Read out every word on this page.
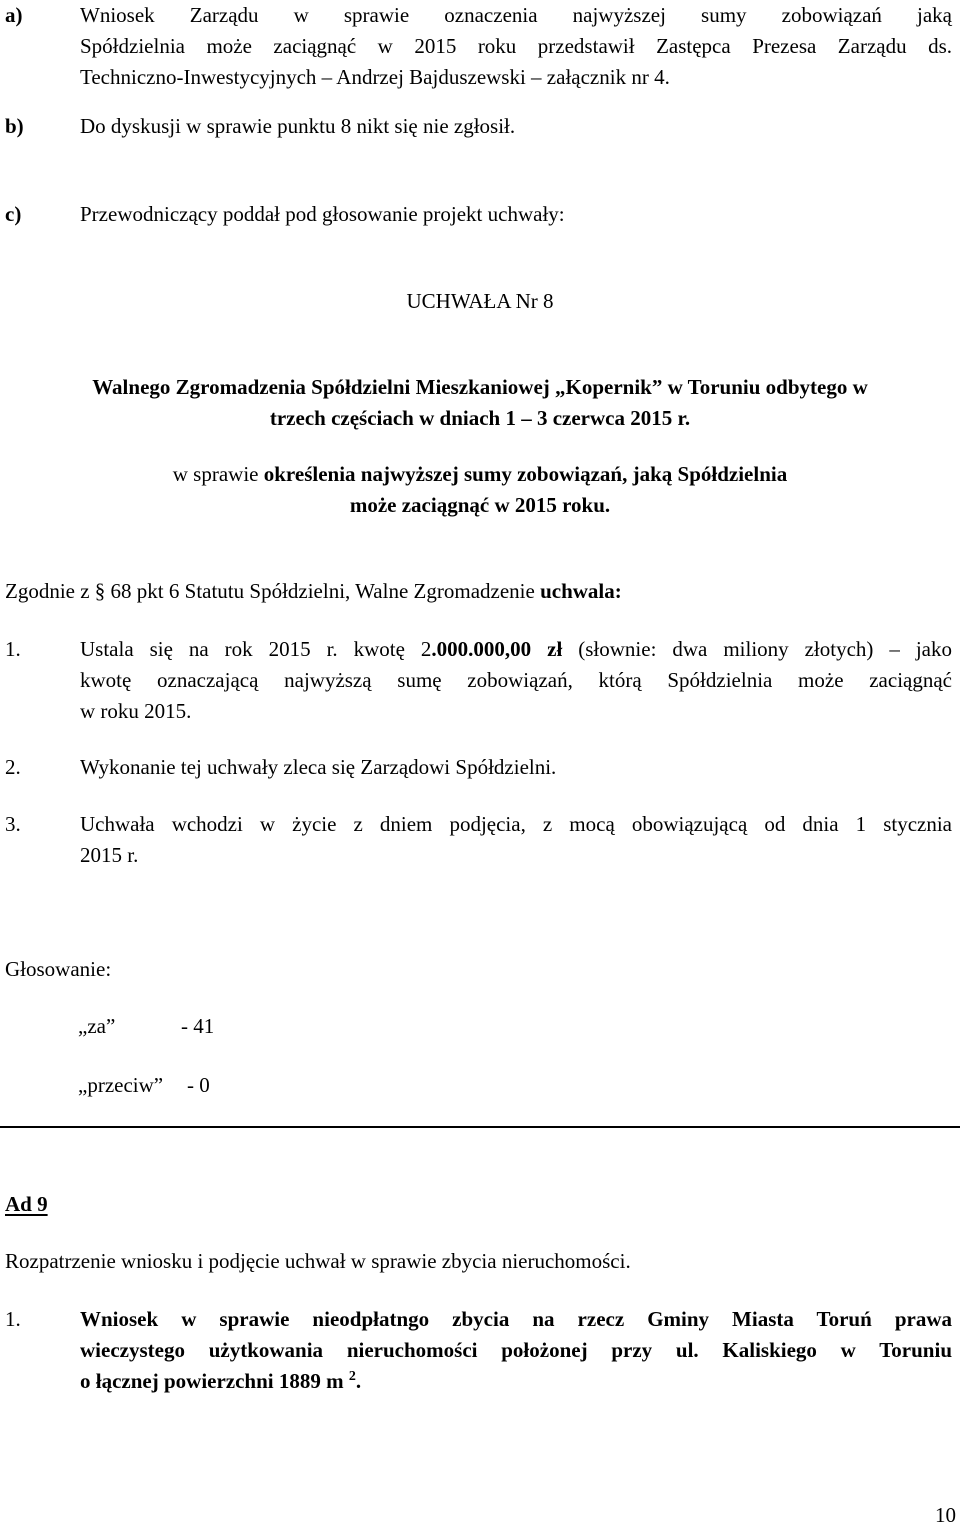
a)	Wniosek Zarządu w sprawie oznaczenia najwyższej sumy zobowiązań jaką
Spółdzielnia może zaciągnąć w 2015 roku przedstawił Zastępca Prezesa Zarządu ds.
Techniczno-Inwestycyjnych – Andrzej Bajduszewski – załącznik nr 4.
b)	Do dyskusji w sprawie punktu 8 nikt się nie zgłosił.
c)	Przewodniczący poddał pod głosowanie projekt uchwały:
UCHWAŁA Nr 8
Walnego Zgromadzenia Spółdzielni Mieszkaniowej „Kopernik” w Toruniu odbytego w
trzech częściach w dniach 1 – 3 czerwca 2015 r.
w sprawie określenia najwyższej sumy zobowiązań, jaką Spółdzielnia
może zaciągnąć w 2015 roku.
Zgodnie z § 68 pkt 6 Statutu Spółdzielni, Walne Zgromadzenie uchwala:
1.	Ustala się na rok 2015 r. kwotę 2.000.000,00 zł (słownie: dwa miliony złotych) – jako
kwotę oznaczającą najwyższą sumę zobowiązań, którą Spółdzielnia może zaciągnąć
w roku 2015.
2.	Wykonanie tej uchwały zleca się Zarządowi Spółdzielni.
3.	Uchwała wchodzi w życie z dniem podjęcia, z mocą obowiązującą od dnia 1 stycznia
2015 r.
Głosowanie:
„za”	- 41
„przeciw” - 0
Ad 9
Rozpatrzenie wniosku i podjęcie uchwał w sprawie zbycia nieruchomości.
1.	Wniosek w sprawie nieodpłatngo zbycia na rzecz Gminy Miasta Toruń prawa
wieczystego użytkowania nieruchomości położonej przy ul. Kaliskiego w Toruniu
o łącznej powierzchni 1889 m $^2$.
10
